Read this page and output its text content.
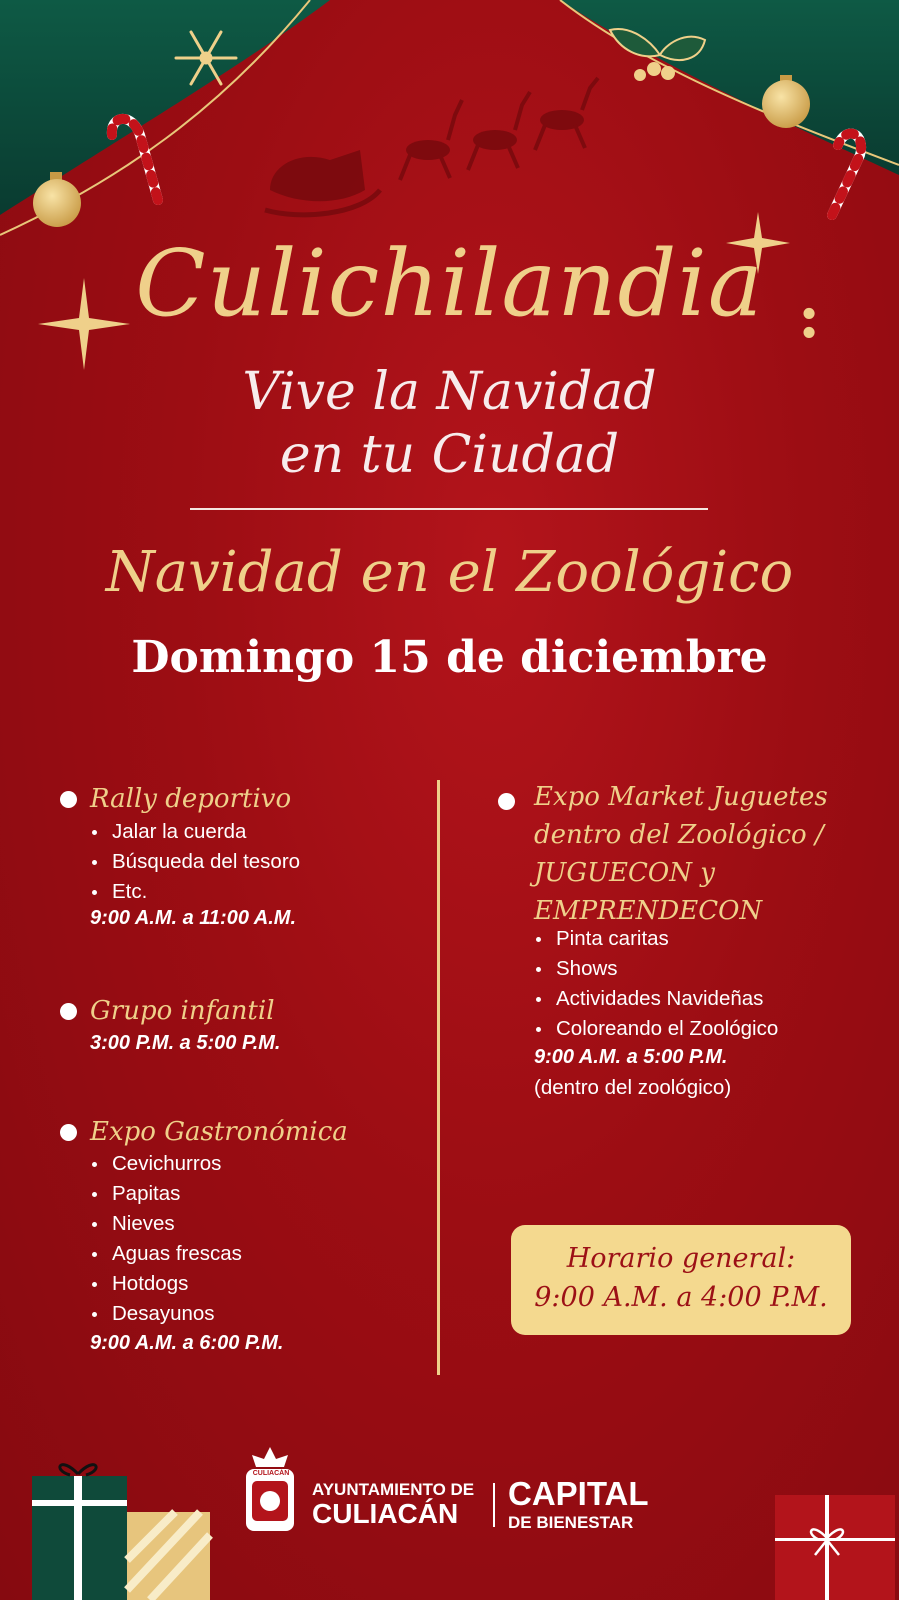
Culichilandia :
Vive la Navidad
en tu Ciudad
Navidad en el Zoológico
Domingo 15 de diciembre
Rally deportivo
Jalar la cuerda
Búsqueda del tesoro
Etc.
9:00 A.M. a 11:00 A.M.
Grupo infantil
3:00 P.M. a 5:00 P.M.
Expo Gastronómica
Cevichurros
Papitas
Nieves
Aguas frescas
Hotdogs
Desayunos
9:00 A.M. a 6:00 P.M.
Expo Market Juguetes
dentro del Zoológico /
JUGUECON y
EMPRENDECON
Pinta caritas
Shows
Actividades Navideñas
Coloreando el Zoológico
9:00 A.M. a 5:00 P.M.
(dentro del zoológico)
Horario general:
9:00 A.M. a 4:00 P.M.
CULIACÁN
AYUNTAMIENTO DE
CULIACÁN
CAPITAL
DE BIENESTAR
